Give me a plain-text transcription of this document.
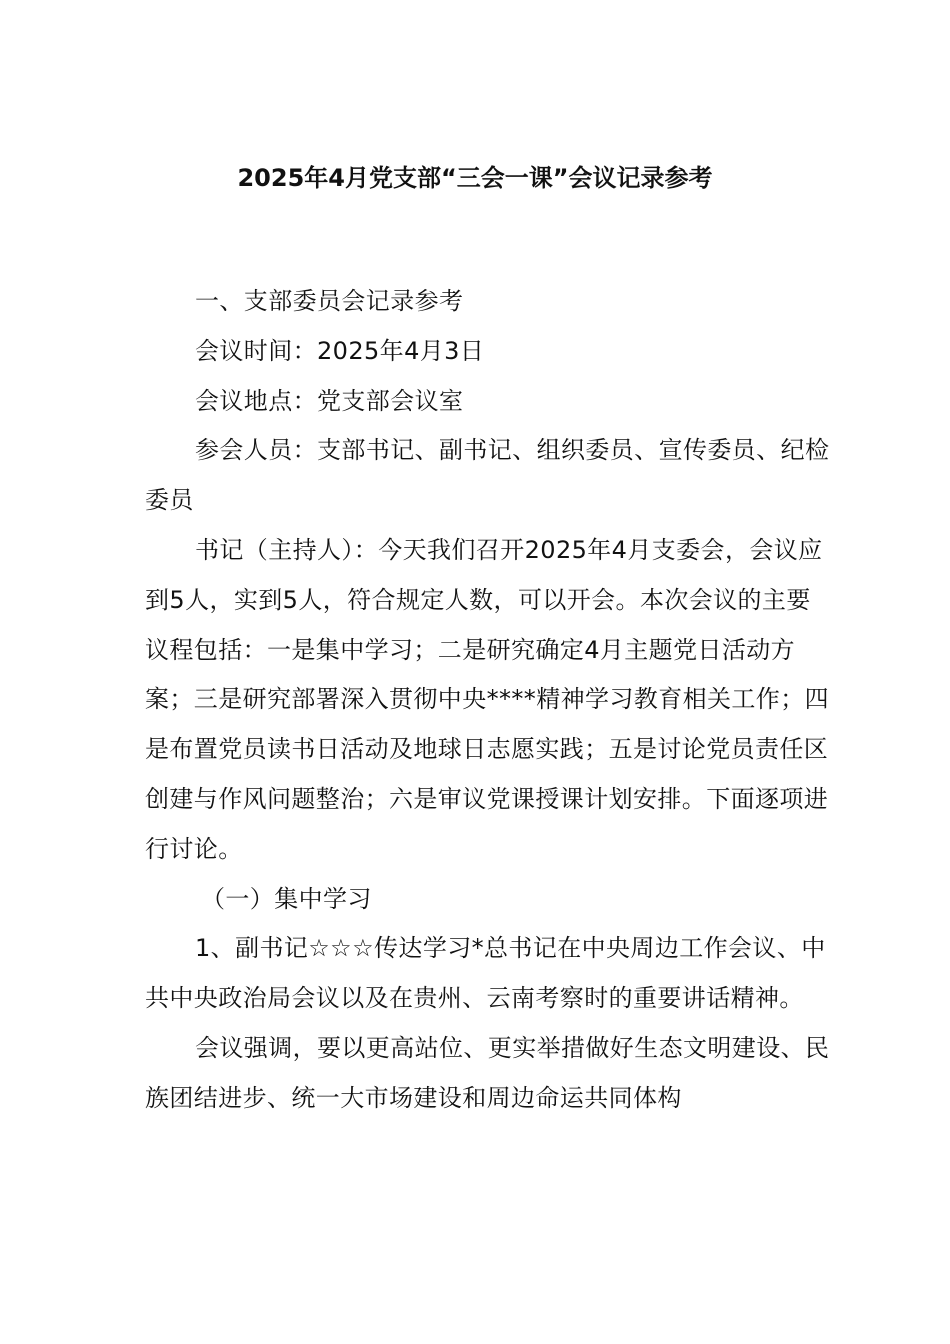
2025年4月党支部“三会一课”会议记录参考

一、支部委员会记录参考

会议时间：2025年4月3日

会议地点：党支部会议室

参会人员：支部书记、副书记、组织委员、宣传委员、纪检委员

书记（主持人）：今天我们召开2025年4月支委会，会议应到5人，实到5人，符合规定人数，可以开会。本次会议的主要议程包括：一是集中学习；二是研究确定4月主题党日活动方案；三是研究部署深入贯彻中央****精神学习教育相关工作；四是布置党员读书日活动及地球日志愿实践；五是讨论党员责任区创建与作风问题整治；六是审议党课授课计划安排。下面逐项进行讨论。

（一）集中学习

1、副书记☆☆☆传达学习*总书记在中央周边工作会议、中共中央政治局会议以及在贵州、云南考察时的重要讲话精神。

会议强调，要以更高站位、更实举措做好生态文明建设、民族团结进步、统一大市场建设和周边命运共同体构
